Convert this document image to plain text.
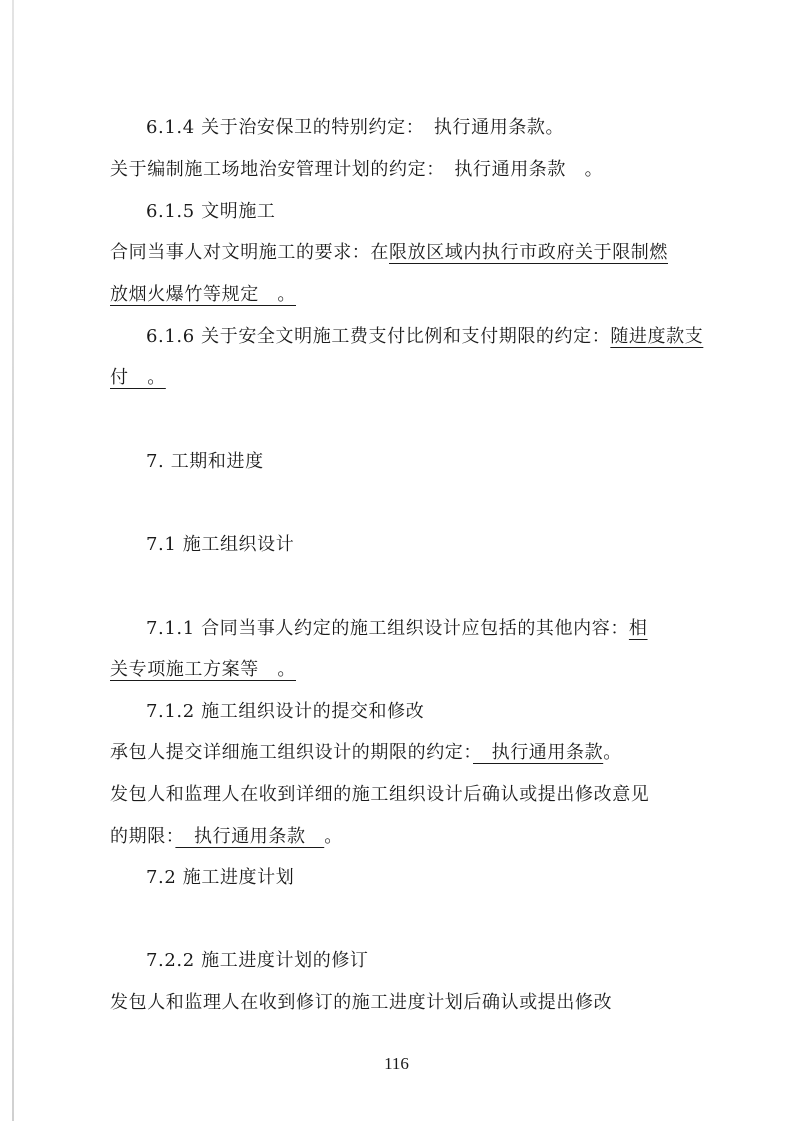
6.1.4 关于治安保卫的特别约定：　执行通用条款。
关于编制施工场地治安管理计划的约定：　执行通用条款　。
6.1.5 文明施工
合同当事人对文明施工的要求：在限放区域内执行市政府关于限制燃
放烟火爆竹等规定　。
6.1.6 关于安全文明施工费支付比例和支付期限的约定：随进度款支
付　。
7. 工期和进度
7.1 施工组织设计
7.1.1 合同当事人约定的施工组织设计应包括的其他内容：相
关专项施工方案等　。
7.1.2 施工组织设计的提交和修改
承包人提交详细施工组织设计的期限的约定：　执行通用条款。
发包人和监理人在收到详细的施工组织设计后确认或提出修改意见
的期限：　执行通用条款　。
7.2 施工进度计划
7.2.2 施工进度计划的修订
发包人和监理人在收到修订的施工进度计划后确认或提出修改
116
